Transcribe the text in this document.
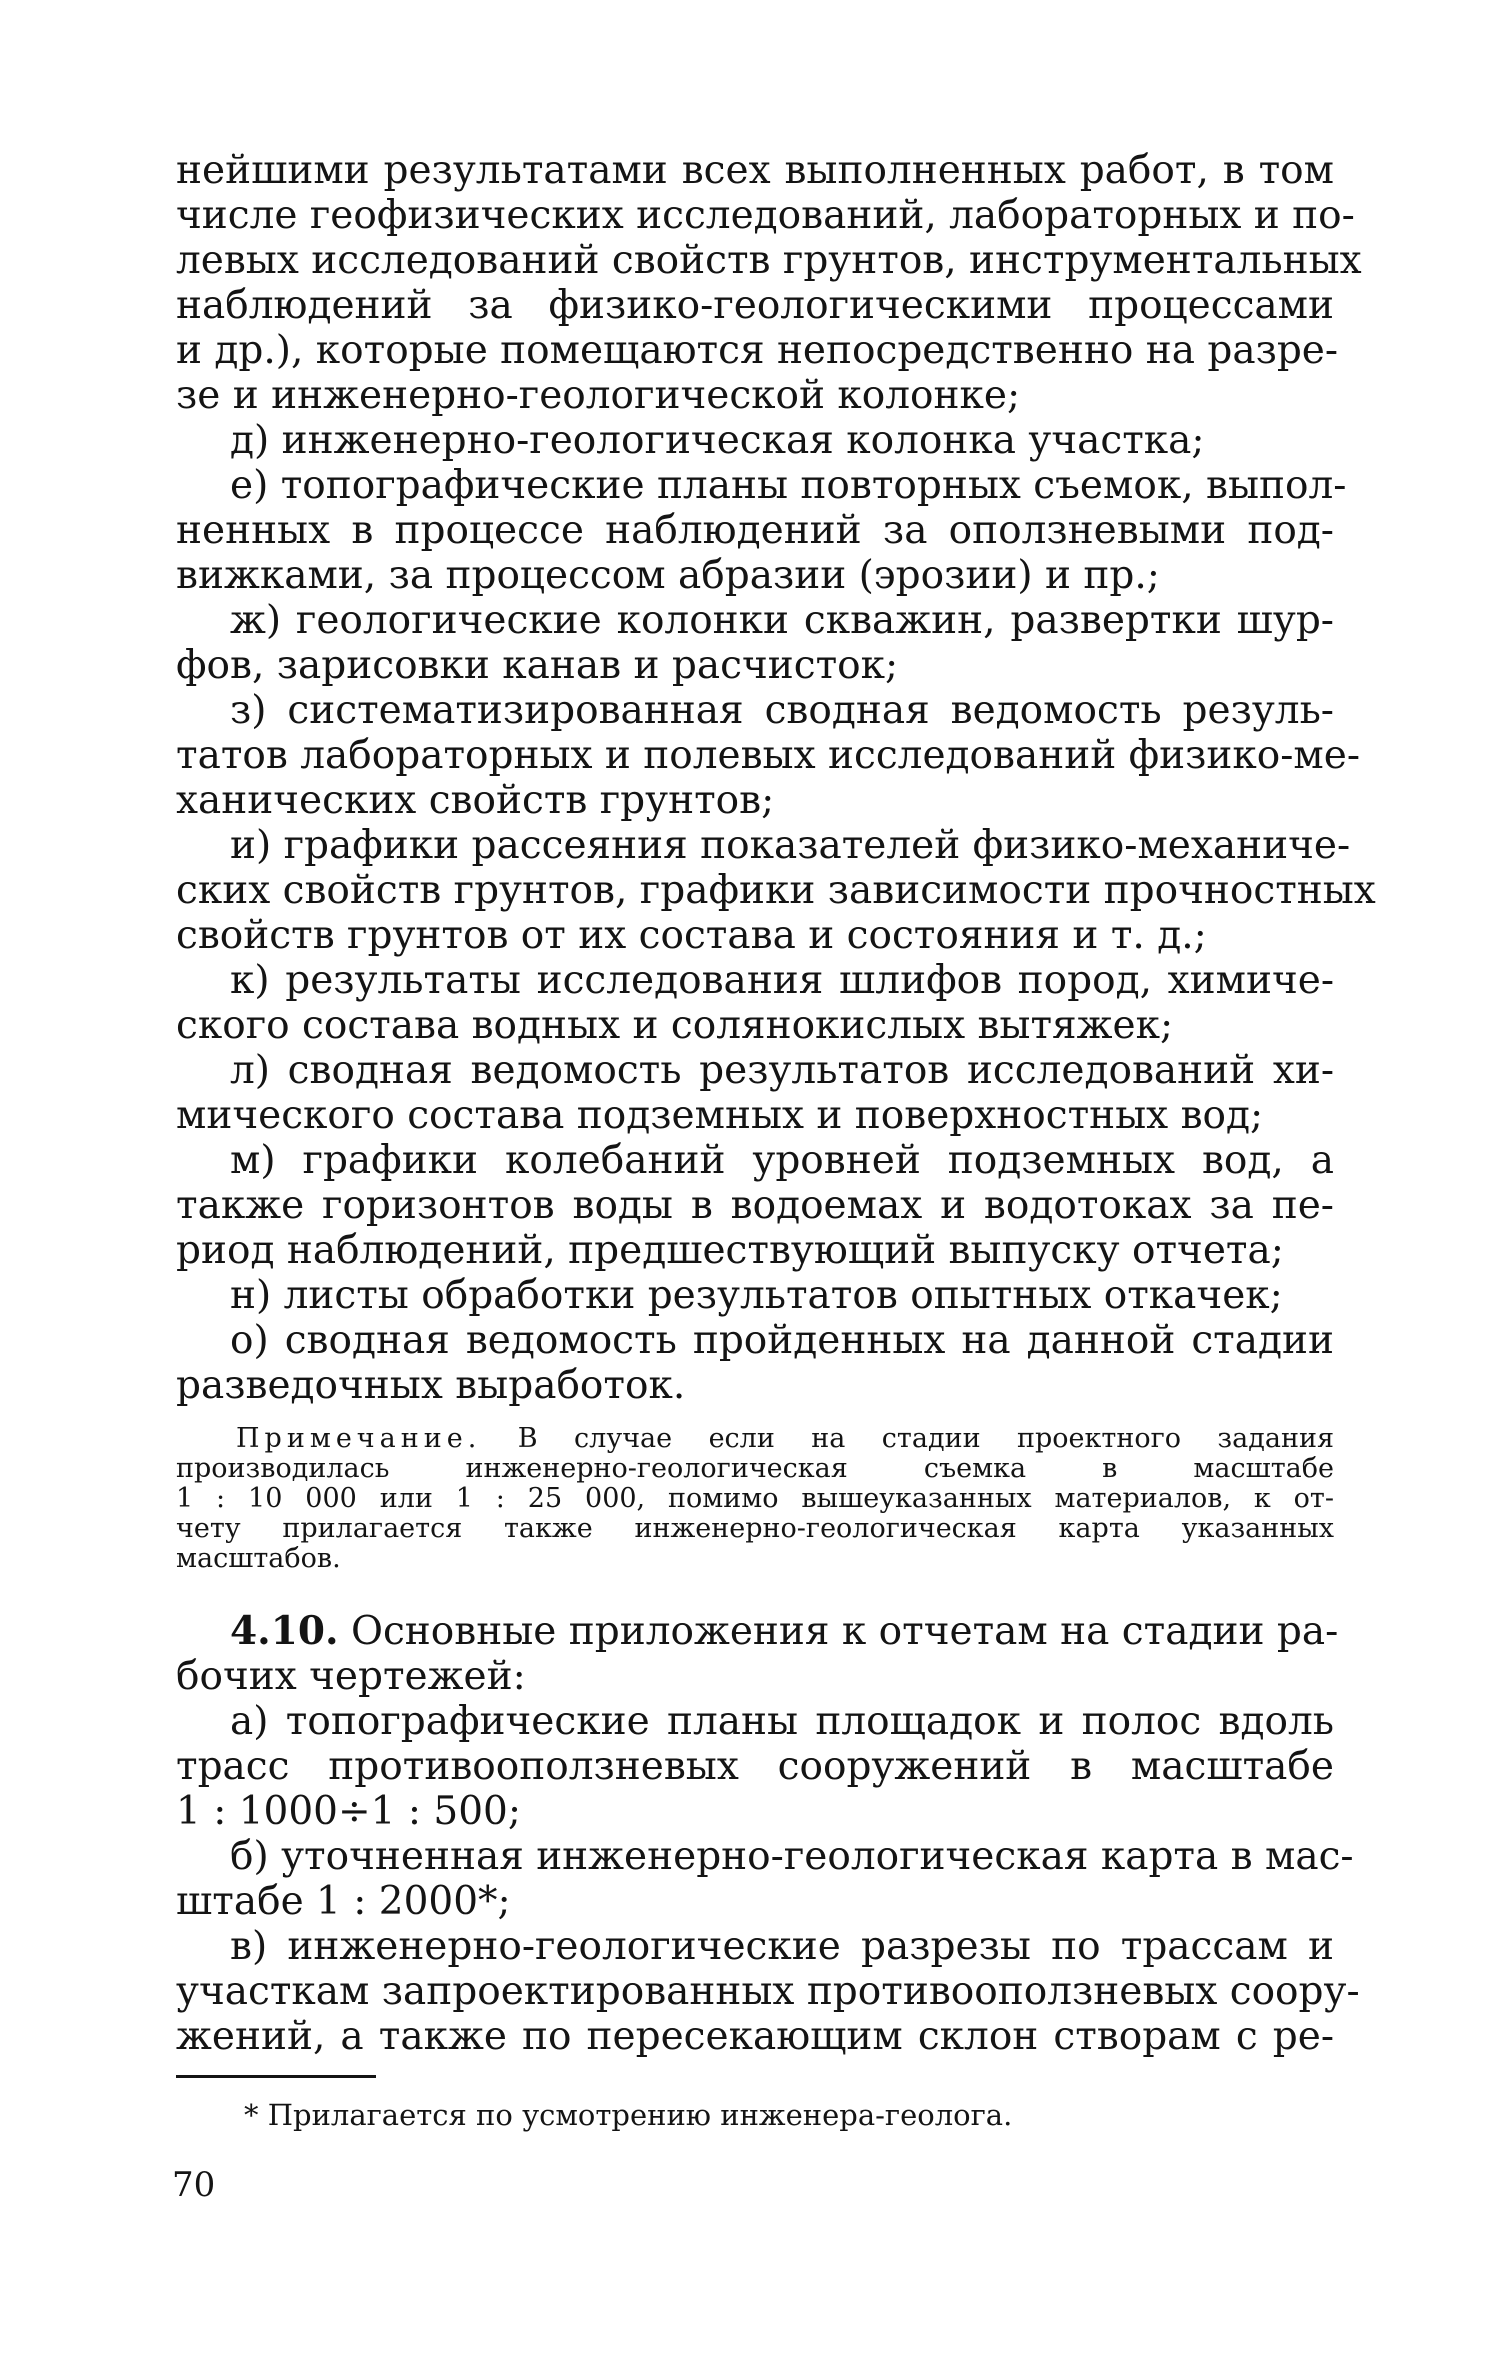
нейшими результатами всех выполненных работ, в том

числе геофизических исследований, лабораторных и по-

левых исследований свойств грунтов, инструментальных

наблюдений за физико-геологическими процессами

и др.), которые помещаются непосредственно на разре-

зе и инженерно-геологической колонке;

д) инженерно-геологическая колонка участка;

е) топографические планы повторных съемок, выпол-

ненных в процессе наблюдений за оползневыми под-

вижками, за процессом абразии (эрозии) и пр.;

ж) геологические колонки скважин, развертки шур-

фов, зарисовки канав и расчисток;

з) систематизированная сводная ведомость резуль-

татов лабораторных и полевых исследований физико-ме-

ханических свойств грунтов;

и) графики рассеяния показателей физико-механиче-

ских свойств грунтов, графики зависимости прочностных

свойств грунтов от их состава и состояния и т. д.;

к) результаты исследования шлифов пород, химиче-

ского состава водных и солянокислых вытяжек;

л) сводная ведомость результатов исследований хи-

мического состава подземных и поверхностных вод;

м) графики колебаний уровней подземных вод, а

также горизонтов воды в водоемах и водотоках за пе-

риод наблюдений, предшествующий выпуску отчета;

н) листы обработки результатов опытных откачек;

о) сводная ведомость пройденных на данной стадии

разведочных выработок.

Примечание. В случае если на стадии проектного задания

производилась инженерно-геологическая съемка в масштабе

1 : 10 000 или 1 : 25 000, помимо вышеуказанных материалов, к от-

чету прилагается также инженерно-геологическая карта указанных

масштабов.

4.10. Основные приложения к отчетам на стадии ра-

бочих чертежей:

а) топографические планы площадок и полос вдоль

трасс противооползневых сооружений в масштабе

1 : 1000÷1 : 500;

б) уточненная инженерно-геологическая карта в мас-

штабе 1 : 2000*;

в) инженерно-геологические разрезы по трассам и

участкам запроектированных противооползневых соору-

жений, а также по пересекающим склон створам с ре-

* Прилагается по усмотрению инженера-геолога.

70
